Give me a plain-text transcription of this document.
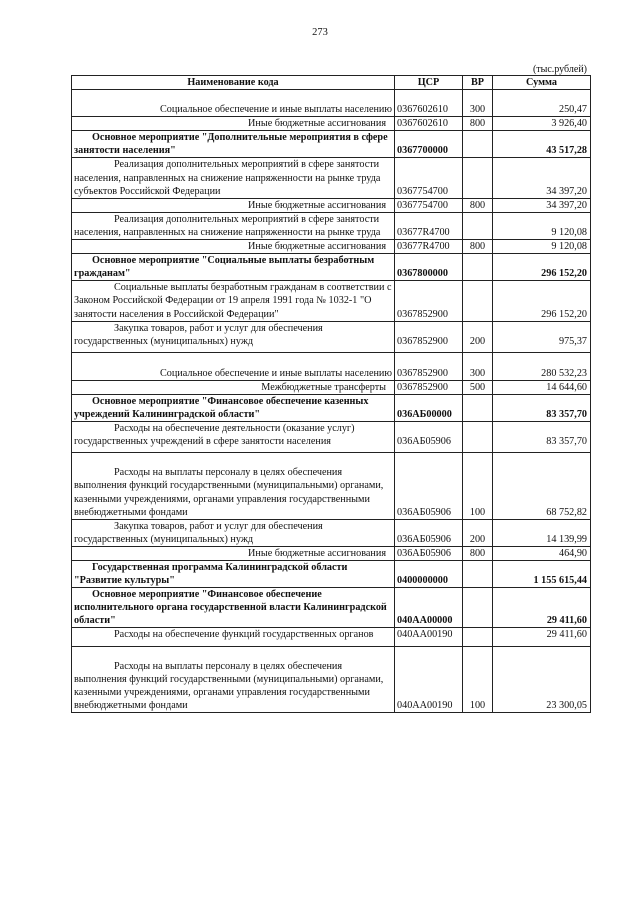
273
(тыс.рублей)
Наименование кода	ЦСР	ВР	Сумма
Социальное обеспечение и иные выплаты населению	0367602610	300	250,47
Иные бюджетные ассигнования	0367602610	800	3 926,40
Основное мероприятие "Дополнительные мероприятия в сфере занятости населения"	0367700000		43 517,28
Реализация дополнительных мероприятий в сфере занятости населения, направленных на снижение напряженности на рынке труда субъектов Российской Федерации	0367754700		34 397,20
Иные бюджетные ассигнования	0367754700	800	34 397,20
Реализация дополнительных мероприятий в сфере занятости населения, направленных на снижение напряженности на рынке труда	03677R4700		9 120,08
Иные бюджетные ассигнования	03677R4700	800	9 120,08
Основное мероприятие "Социальные выплаты безработным гражданам"	0367800000		296 152,20
Социальные выплаты безработным гражданам в соответствии с Законом Российской Федерации от 19 апреля 1991 года № 1032-1 "О занятости населения в Российской Федерации"	0367852900		296 152,20
Закупка товаров, работ и услуг для обеспечения государственных (муниципальных) нужд	0367852900	200	975,37
Социальное обеспечение и иные выплаты населению	0367852900	300	280 532,23
Межбюджетные трансферты	0367852900	500	14 644,60
Основное мероприятие "Финансовое обеспечение казенных учреждений Калининградской области"	036АБ00000		83 357,70
Расходы на обеспечение деятельности (оказание услуг) государственных учреждений в сфере занятости населения	036АБ05906		83 357,70
Расходы на выплаты персоналу в целях обеспечения выполнения функций государственными (муниципальными) органами, казенными учреждениями, органами управления государственными внебюджетными фондами	036АБ05906	100	68 752,82
Закупка товаров, работ и услуг для обеспечения государственных (муниципальных) нужд	036АБ05906	200	14 139,99
Иные бюджетные ассигнования	036АБ05906	800	464,90
Государственная программа Калининградской области "Развитие культуры"	0400000000		1 155 615,44
Основное мероприятие "Финансовое обеспечение исполнительного органа государственной власти Калининградской области"	040АА00000		29 411,60
Расходы на обеспечение функций государственных органов	040АА00190		29 411,60
Расходы на выплаты персоналу в целях обеспечения выполнения функций государственными (муниципальными) органами, казенными учреждениями, органами управления государственными внебюджетными фондами	040АА00190	100	23 300,05
